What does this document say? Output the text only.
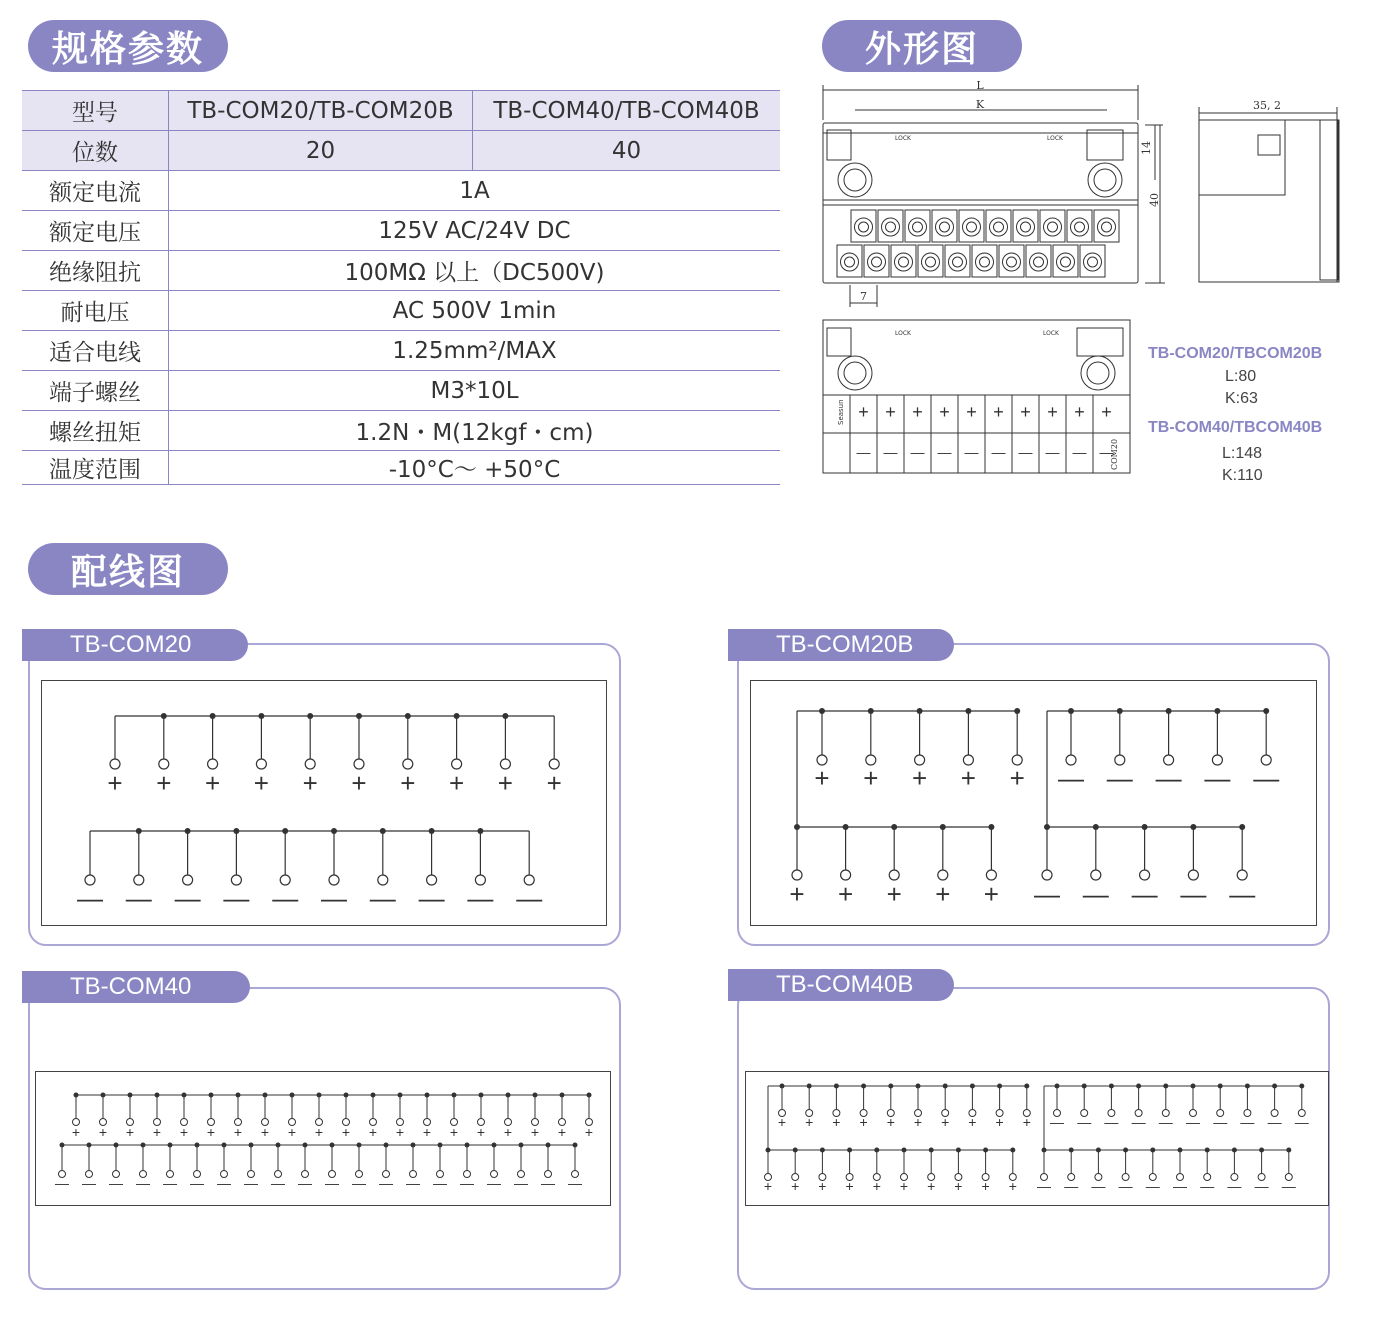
规格参数	外形图
配线图
型号	TB-COM20/TB-COM20B	TB-COM40/TB-COM40B
位数	20	40
额定电流	1A	
额定电压	125V AC/24V DC	
绝缘阻抗	100MΩ 以上（DC500V)	
耐电压	AC 500V 1min	
适合电线	1.25mm²/MAX	
端子螺丝	M3*10L	
螺丝扭矩	1.2N・M(12kgf・cm)	
温度范围	-10°C～ +50°C	
+
—
+
—
+
—
+
—
+
—
+
—
+
—
+
—
+
—
+
—
L
K
14
40
7
35, 2
LOCK	LOCK
LOCK	LOCK
Seasun
COM20
TB-COM20/TBCOM20B
L:80
K:63
TB-COM40/TBCOM40B
L:148
K:110
TB-COM20
+ + + + + + + + + +
— — — — — — — — — —
TB-COM20B
+ + + + +
+ + + + +
— — — — —
— — — — —
TB-COM40
+ + + + + + + + + + + + + + + + + + + +
— — — — — — — — — — — — — — — — — — — —
TB-COM40B
+ + + + + + + + + +
+ + + + + + + + + +
— — — — — — — — — —
— — — — — — — — — —
